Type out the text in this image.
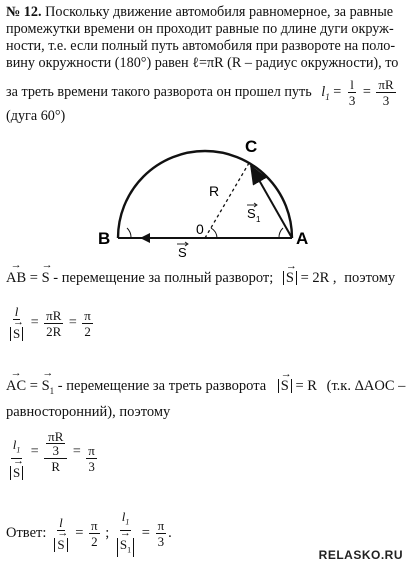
№ 12. Поскольку движение автомобиля равномерное, за равные
промежутки времени он проходит равные по длине дуги окруж-
ности, т.е. если полный путь автомобиля при развороте на поло-
вину окружности (180°) равен ℓ=πR (R – радиус окружности), то
за треть времени такого разворота он прошел путь $l_1 = \frac{l}{3} = \frac{\pi R}{3}$
(дуга 60°)
B	A
C
0
R
S
S 1
→ AB = → S - перемещение за полный разворот; → S = 2R , поэтому
l
→ $S = \frac{\pi R}{2R} = \frac{\pi}{2}$
→ AC = → $S_1$ - перемещение за треть разворота → S = R (т.к. ΔAOC –
равносторонний), поэтому
$l_1$
→ S = πR
3
$R = \frac{\pi}{3}$
Ответ: l
→ $S = \frac{\pi}{2}$ ; $l_1$
→ $S_1 = \frac{\pi}{3}$ .
RELASKO.RU
